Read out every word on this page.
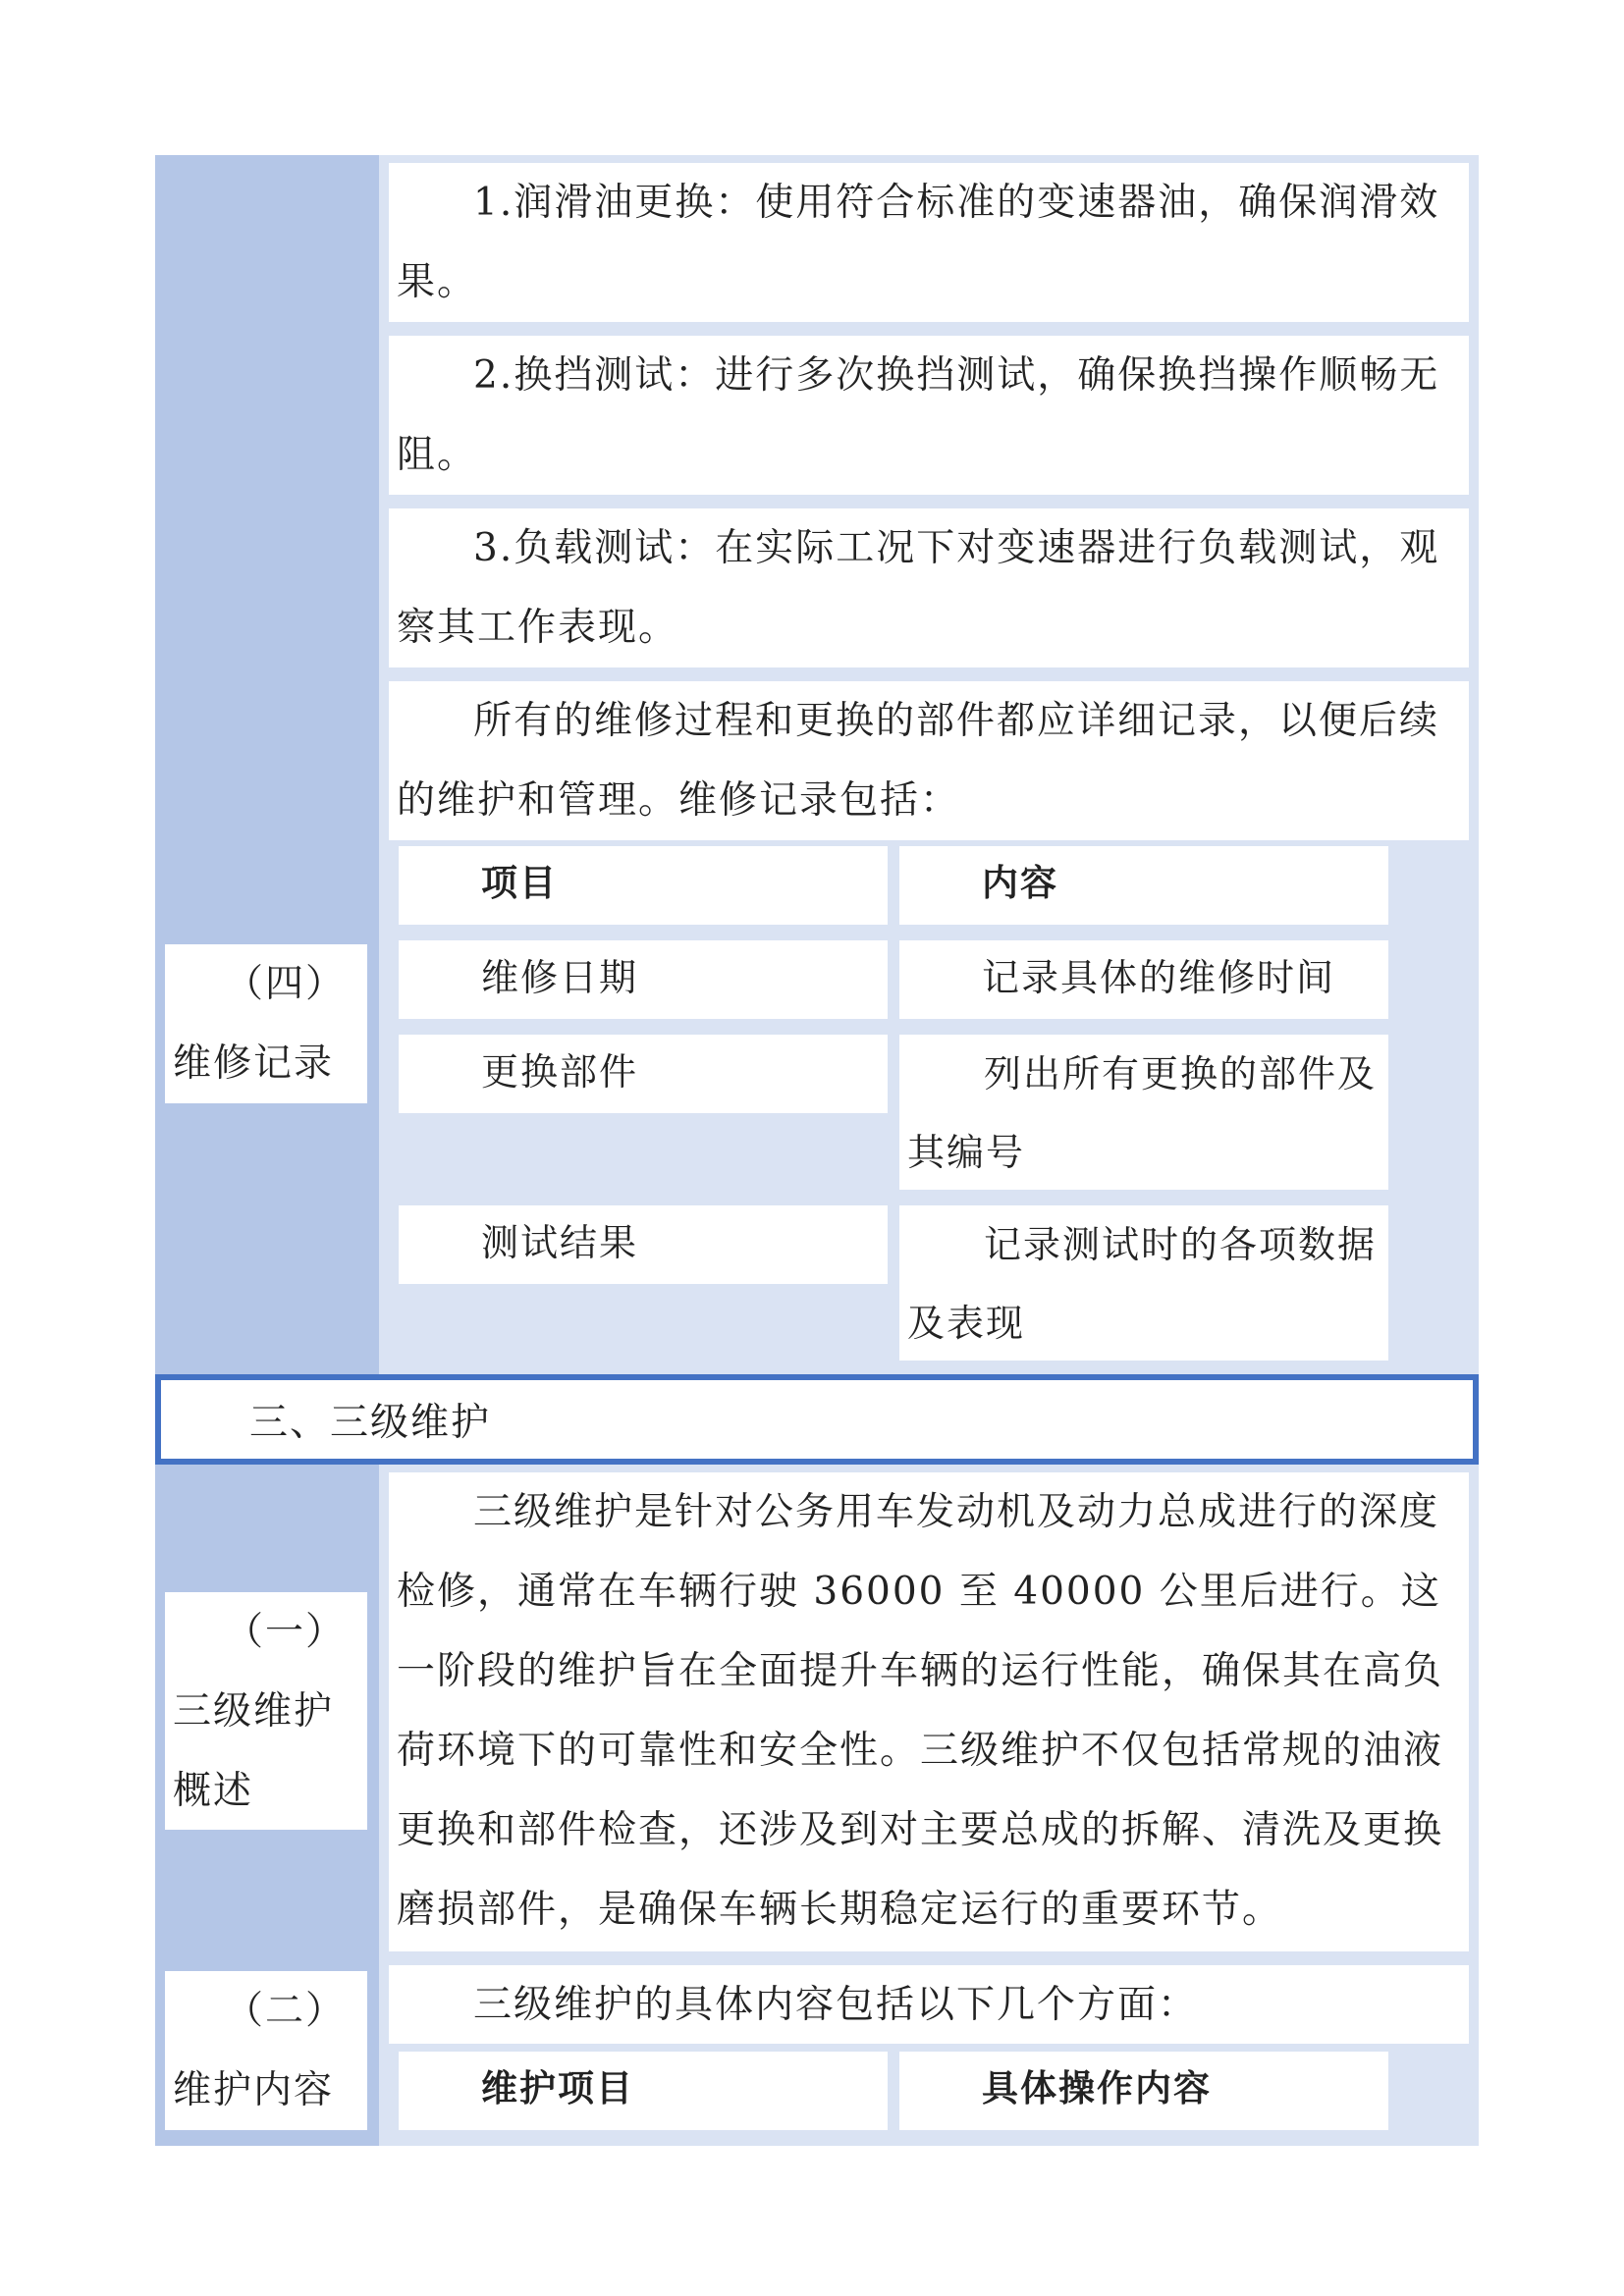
1.润滑油更换：使用符合标准的变速器油，确保润滑效果。

2.换挡测试：进行多次换挡测试，确保换挡操作顺畅无阻。

3.负载测试：在实际工况下对变速器进行负载测试，观察其工作表现。

所有的维修过程和更换的部件都应详细记录，以便后续的维护和管理。维修记录包括：

（四）
维修记录
项目	内容
维修日期	记录具体的维修时间
更换部件	列出所有更换的部件及其编号
测试结果	记录测试时的各项数据及表现
三、三级维护

三级维护是针对公务用车发动机及动力总成进行的深度检修，通常在车辆行驶 36000 至 40000 公里后进行。这一阶段的维护旨在全面提升车辆的运行性能，确保其在高负荷环境下的可靠性和安全性。三级维护不仅包括常规的油液更换和部件检查，还涉及到对主要总成的拆解、清洗及更换磨损部件，是确保车辆长期稳定运行的重要环节。

（一）
三级维护概述

三级维护的具体内容包括以下几个方面：

（二）
维护内容	维护项目	具体操作内容
